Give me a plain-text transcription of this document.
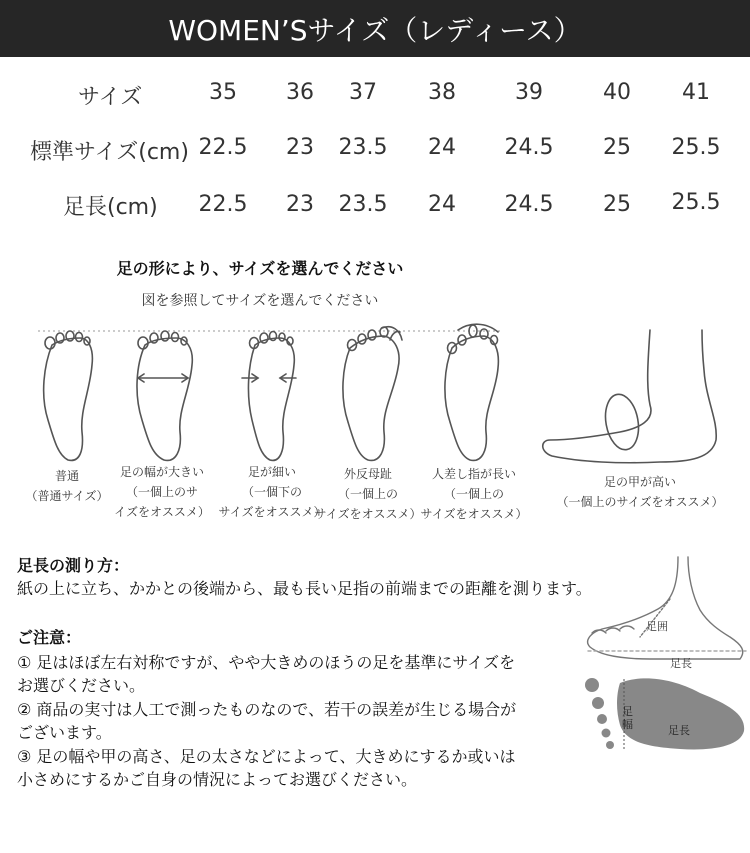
WOMEN’Sサイズ（レディース）
サイズ	35 36 37 38	39	40 41
標準サイズ(cm) 22.5 23 23.5 24 24.5 25 25.5
足長(cm) 22.5 23 23.5 24 24.5 25 25.5
足の形により、サイズを選んでください
図を参照してサイズを選んでください
普通
（普通サイズ）
足の幅が大きい
（一個上のサ
イズをオススメ）
足が細い
（一個下の
サイズをオススメ）
外反母趾
（一個上の
サイズをオススメ）
人差し指が長い
（一個上の
サイズをオススメ）
足の甲が高い
（一個上のサイズをオススメ）
足長の測り方：
紙の上に立ち、かかとの後端から、最も長い足指の前端までの距離を測ります。
ご注意：
① 足はほぼ左右対称ですが、やや大きめのほうの足を基準にサイズを
お選びください。
② 商品の実寸は人工で測ったものなので、若干の誤差が生じる場合が
ございます。
③ 足の幅や甲の高さ、足の太さなどによって、大きめにするか或いは
小さめにするかご自身の情況によってお選びください。
足囲
足長
足幅	足長
